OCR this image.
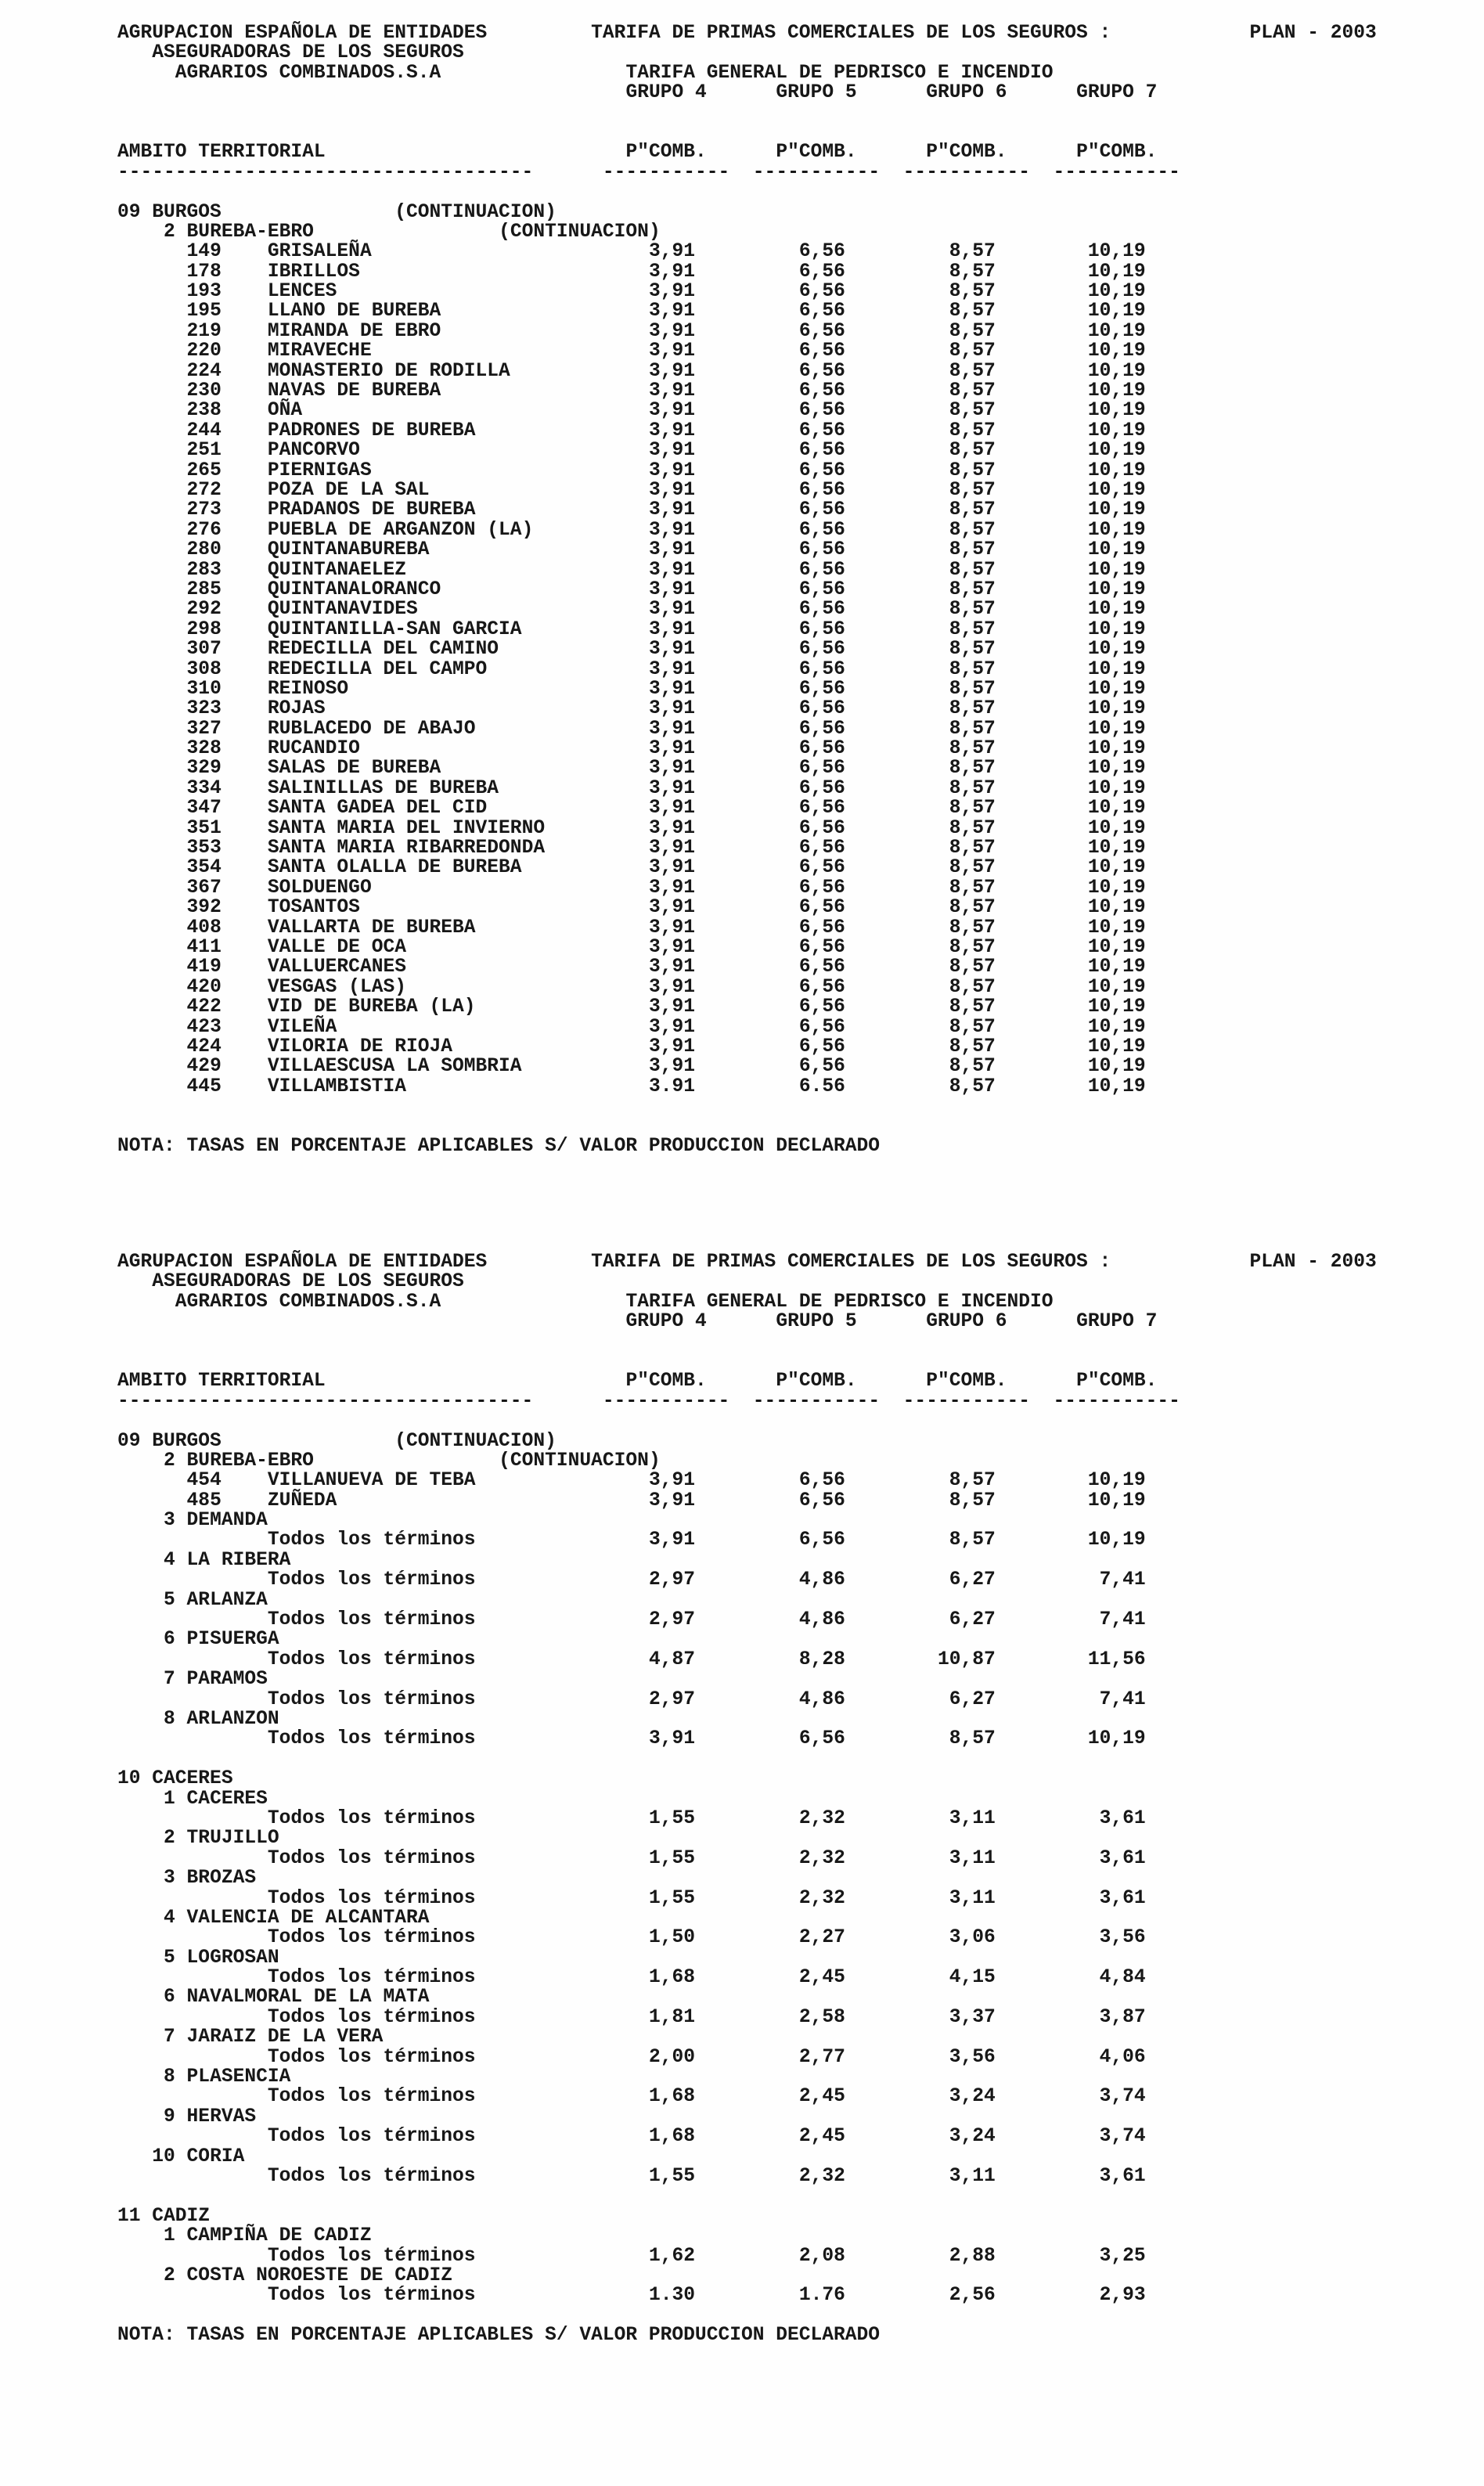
AGRUPACION ESPAÑOLA DE ENTIDADES	TARIFA DE PRIMAS COMERCIALES DE LOS SEGUROS :	PLAN - 2003
ASEGURADORAS DE LOS SEGUROS
AGRARIOS COMBINADOS.S.A	TARIFA GENERAL DE PEDRISCO E INCENDIO
GRUPO 4	GRUPO 5	GRUPO 6	GRUPO 7
AMBITO TERRITORIAL	P"COMB.	P"COMB.	P"COMB.	P"COMB.
------------------------------------	----------- ----------- ----------- -----------
09 BURGOS	(CONTINUACION)
2 BUREBA-EBRO	(CONTINUACION)
149 GRISALEÑA	3,91	6,56	8,57	10,19
178 IBRILLOS	3,91	6,56	8,57	10,19
193 LENCES	3,91	6,56	8,57	10,19
195 LLANO DE BUREBA	3,91	6,56	8,57	10,19
219 MIRANDA DE EBRO	3,91	6,56	8,57	10,19
220 MIRAVECHE	3,91	6,56	8,57	10,19
224 MONASTERIO DE RODILLA	3,91	6,56	8,57	10,19
230 NAVAS DE BUREBA	3,91	6,56	8,57	10,19
238 OÑA	3,91	6,56	8,57	10,19
244 PADRONES DE BUREBA	3,91	6,56	8,57	10,19
251 PANCORVO	3,91	6,56	8,57	10,19
265 PIERNIGAS	3,91	6,56	8,57	10,19
272 POZA DE LA SAL	3,91	6,56	8,57	10,19
273 PRADANOS DE BUREBA	3,91	6,56	8,57	10,19
276 PUEBLA DE ARGANZON (LA)	3,91	6,56	8,57	10,19
280 QUINTANABUREBA	3,91	6,56	8,57	10,19
283 QUINTANAELEZ	3,91	6,56	8,57	10,19
285 QUINTANALORANCO	3,91	6,56	8,57	10,19
292 QUINTANAVIDES	3,91	6,56	8,57	10,19
298 QUINTANILLA-SAN GARCIA	3,91	6,56	8,57	10,19
307 REDECILLA DEL CAMINO	3,91	6,56	8,57	10,19
308 REDECILLA DEL CAMPO	3,91	6,56	8,57	10,19
310 REINOSO	3,91	6,56	8,57	10,19
323 ROJAS	3,91	6,56	8,57	10,19
327 RUBLACEDO DE ABAJO	3,91	6,56	8,57	10,19
328 RUCANDIO	3,91	6,56	8,57	10,19
329 SALAS DE BUREBA	3,91	6,56	8,57	10,19
334 SALINILLAS DE BUREBA	3,91	6,56	8,57	10,19
347 SANTA GADEA DEL CID	3,91	6,56	8,57	10,19
351 SANTA MARIA DEL INVIERNO	3,91	6,56	8,57	10,19
353 SANTA MARIA RIBARREDONDA	3,91	6,56	8,57	10,19
354 SANTA OLALLA DE BUREBA	3,91	6,56	8,57	10,19
367 SOLDUENGO	3,91	6,56	8,57	10,19
392 TOSANTOS	3,91	6,56	8,57	10,19
408 VALLARTA DE BUREBA	3,91	6,56	8,57	10,19
411 VALLE DE OCA	3,91	6,56	8,57	10,19
419 VALLUERCANES	3,91	6,56	8,57	10,19
420 VESGAS (LAS)	3,91	6,56	8,57	10,19
422 VID DE BUREBA (LA)	3,91	6,56	8,57	10,19
423 VILEÑA	3,91	6,56	8,57	10,19
424 VILORIA DE RIOJA	3,91	6,56	8,57	10,19
429 VILLAESCUSA LA SOMBRIA	3,91	6,56	8,57	10,19
445 VILLAMBISTIA	3.91	6.56	8,57	10,19
NOTA: TASAS EN PORCENTAJE APLICABLES S/ VALOR PRODUCCION DECLARADO
AGRUPACION ESPAÑOLA DE ENTIDADES	TARIFA DE PRIMAS COMERCIALES DE LOS SEGUROS :	PLAN - 2003
ASEGURADORAS DE LOS SEGUROS
AGRARIOS COMBINADOS.S.A	TARIFA GENERAL DE PEDRISCO E INCENDIO
GRUPO 4	GRUPO 5	GRUPO 6	GRUPO 7
AMBITO TERRITORIAL	P"COMB.	P"COMB.	P"COMB.	P"COMB.
------------------------------------	----------- ----------- ----------- -----------
09 BURGOS	(CONTINUACION)
2 BUREBA-EBRO	(CONTINUACION)
454 VILLANUEVA DE TEBA	3,91	6,56	8,57	10,19
485 ZUÑEDA	3,91	6,56	8,57	10,19
3 DEMANDA
Todos los términos	3,91	6,56	8,57	10,19
4 LA RIBERA
Todos los términos	2,97	4,86	6,27	7,41
5 ARLANZA
Todos los términos	2,97	4,86	6,27	7,41
6 PISUERGA
Todos los términos	4,87	8,28	10,87	11,56
7 PARAMOS
Todos los términos	2,97	4,86	6,27	7,41
8 ARLANZON
Todos los términos	3,91	6,56	8,57	10,19
10 CACERES
1 CACERES
Todos los términos	1,55	2,32	3,11	3,61
2 TRUJILLO
Todos los términos	1,55	2,32	3,11	3,61
3 BROZAS
Todos los términos	1,55	2,32	3,11	3,61
4 VALENCIA DE ALCANTARA
Todos los términos	1,50	2,27	3,06	3,56
5 LOGROSAN
Todos los términos	1,68	2,45	4,15	4,84
6 NAVALMORAL DE LA MATA
Todos los términos	1,81	2,58	3,37	3,87
7 JARAIZ DE LA VERA
Todos los términos	2,00	2,77	3,56	4,06
8 PLASENCIA
Todos los términos	1,68	2,45	3,24	3,74
9 HERVAS
Todos los términos	1,68	2,45	3,24	3,74
10 CORIA
Todos los términos	1,55	2,32	3,11	3,61
11 CADIZ
1 CAMPIÑA DE CADIZ
Todos los términos	1,62	2,08	2,88	3,25
2 COSTA NOROESTE DE CADIZ
Todos los términos	1.30	1.76	2,56	2,93
NOTA: TASAS EN PORCENTAJE APLICABLES S/ VALOR PRODUCCION DECLARADO
